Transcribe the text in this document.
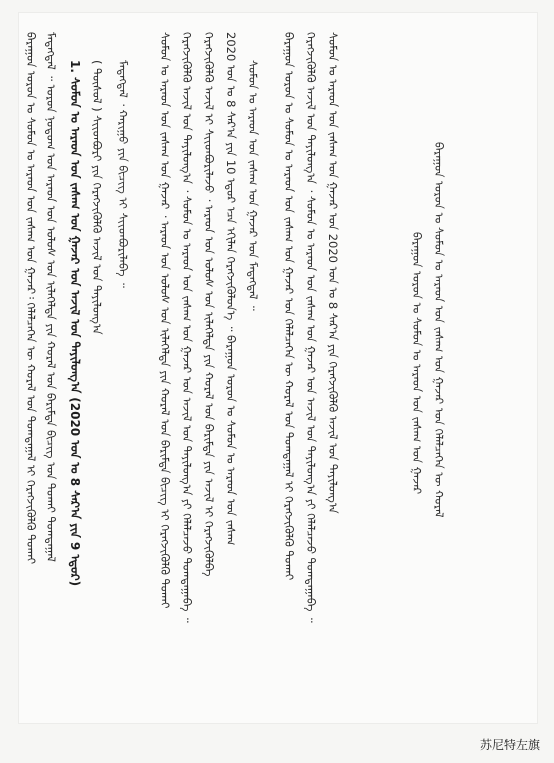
ᠪᠠᠷᠠᠭᠤᠨ ᠤᠷᠤᠨ ᠤ ᠰᠤᠮᠤᠨ ᠤ ᠠᠷᠠᠳ ᠤᠨ ᠵᠠᠰᠠᠭ ᠤᠨ ᠭᠠᠵᠠᠷ᠄ ᠬᠡᠯᠡᠯᠴᠡᠭᠡᠨ ᠦ ᠬᠤᠷᠠᠯ ᠤᠨ ᠲᠣᠭᠲᠠᠭᠠᠯ ᠢ ᠬᠡᠷᠡᠭᠵᠢᠭᠦᠯᠬᠦ ᠲᠤᠬᠠᠢ ᠮᠡᠳᠡᠭᠳᠡᠯ ᠃ ᠣᠷᠣᠨ ᠨᠤᠲᠤᠭ ᠤᠨ ᠠᠷᠠᠳ ᠤᠨ ᠤᠯᠤᠰ ᠤᠨ ᠢᠯᠡᠭᠡᠯᠲᠡ ᠶᠢᠨ ᠬᠤᠷᠠᠯ ᠤᠨ ᠪᠠᠷᠢᠮᠲᠠ ᠪᠢᠴᠢᠭ ᠤᠨ ᠲᠤᠬᠠᠢ ᠲᠣᠭᠲᠠᠭᠠᠯ 1. ᠰᠤᠮᠤᠨ ᠤ ᠠᠷᠠᠳ ᠤᠨ ᠵᠠᠰᠠᠭ ᠤᠨ ᠭᠠᠵᠠᠷ ᠤᠨ ᠠᠵᠢᠯ ᠤᠨ ᠲᠠᠶᠢᠯᠤᠩ᠎ᠠ (2020 ᠣᠨ ᠤ 8 ᠰᠠᠷ᠎ᠠ ᠶᠢᠨ 9 ᠡᠳᠦᠷ) ( ᠲᠥᠰᠥᠯ ) ᠰᠢᠢᠳᠪᠦᠷᠢ ᠶᠢᠨ ᠬᠡᠷᠡᠭᠵᠢᠭᠦᠯᠬᠦ ᠠᠵᠢᠯ ᠤᠨ ᠲᠠᠶᠢᠯᠤᠩ᠎ᠠ ᠮᠡᠳᠡᠭᠳᠡᠯ ᠂ ᠬᠠᠷᠢᠭᠤ ᠶᠢᠨ ᠪᠢᠴᠢᠭ ᠢ ᠰᠢᠢᠳᠪᠦᠷᠢᠯᠡᠪᠡ ᠃ ᠰᠤᠮᠤᠨ ᠤ ᠠᠷᠠᠳ ᠤᠨ ᠵᠠᠰᠠᠭ ᠤᠨ ᠭᠠᠵᠠᠷ ᠂ ᠠᠷᠠᠳ ᠤᠨ ᠤᠯᠤᠰ ᠤᠨ ᠢᠯᠡᠭᠡᠯᠲᠡ ᠶᠢᠨ ᠬᠤᠷᠠᠯ ᠤᠨ ᠪᠠᠷᠢᠮᠲᠠ ᠪᠢᠴᠢᠭ ᠢ ᠬᠡᠷᠡᠭᠵᠢᠭᠦᠯᠬᠦ ᠲᠤᠬᠠᠢ ᠬᠡᠷᠡᠭᠵᠢᠭᠦᠯᠬᠦ ᠠᠵᠢᠯ ᠤᠨ ᠲᠠᠶᠢᠯᠤᠩ᠎ᠠ ᠂ ᠰᠤᠮᠤᠨ ᠤ ᠠᠷᠠᠳ ᠤᠨ ᠵᠠᠰᠠᠭ ᠤᠨ ᠭᠠᠵᠠᠷ ᠤᠨ ᠠᠵᠢᠯ ᠤᠨ ᠲᠠᠶᠢᠯᠤᠩ᠎ᠠ ᠶᠢ ᠬᠡᠯᠡᠯᠴᠡᠵᠦ ᠲᠣᠭᠲᠠᠭᠠᠪᠠ ᠃ ᠬᠡᠷᠡᠭᠵᠢᠭᠦᠯᠬᠦ ᠠᠵᠢᠯ ᠢ ᠰᠢᠢᠳᠪᠦᠷᠢᠯᠡᠵᠦ ᠂ ᠠᠷᠠᠳ ᠤᠨ ᠤᠯᠤᠰ ᠤᠨ ᠢᠯᠡᠭᠡᠯᠲᠡ ᠶᠢᠨ ᠬᠤᠷᠠᠯ ᠤᠨ ᠪᠠᠷᠢᠮᠲᠠ ᠶᠢᠨ ᠠᠵᠢᠯ ᠢ ᠬᠡᠷᠡᠭᠵᠢᠭᠦᠯᠪᠡ 2020 ᠣᠨ ᠤ 8 ᠰᠠᠷ᠎ᠠ ᠶᠢᠨ 10 ᠡᠳᠦᠷ ᠡᠴᠡ ᠡᠬᠢᠯᠡᠨ ᠬᠡᠷᠡᠭᠵᠢᠭᠦᠯᠦᠨ᠎ᠡ ᠃ ᠪᠠᠷᠠᠭᠤᠨ ᠤᠷᠤᠨ ᠤ ᠰᠤᠮᠤᠨ ᠤ ᠠᠷᠠᠳ ᠤᠨ ᠵᠠᠰᠠᠭ ᠰᠤᠮᠤᠨ ᠤ ᠠᠷᠠᠳ ᠤᠨ ᠵᠠᠰᠠᠭ ᠤᠨ ᠭᠠᠵᠠᠷ ᠤᠨ ᠮᠡᠳᠡᠭᠳᠡᠯ ᠃ ᠪᠠᠷᠠᠭᠤᠨ ᠤᠷᠤᠨ ᠤ ᠰᠤᠮᠤᠨ ᠤ ᠠᠷᠠᠳ ᠤᠨ ᠵᠠᠰᠠᠭ ᠤᠨ ᠭᠠᠵᠠᠷ ᠤᠨ ᠬᠡᠯᠡᠯᠴᠡᠭᠡᠨ ᠦ ᠬᠤᠷᠠᠯ ᠤᠨ ᠲᠣᠭᠲᠠᠭᠠᠯ ᠢ ᠬᠡᠷᠡᠭᠵᠢᠭᠦᠯᠬᠦ ᠲᠤᠬᠠᠢ ᠬᠡᠷᠡᠭᠵᠢᠭᠦᠯᠬᠦ ᠠᠵᠢᠯ ᠤᠨ ᠲᠠᠶᠢᠯᠤᠩ᠎ᠠ ᠂ ᠰᠤᠮᠤᠨ ᠤ ᠠᠷᠠᠳ ᠤᠨ ᠵᠠᠰᠠᠭ ᠤᠨ ᠭᠠᠵᠠᠷ ᠤᠨ ᠠᠵᠢᠯ ᠤᠨ ᠲᠠᠶᠢᠯᠤᠩ᠎ᠠ ᠶᠢ ᠬᠡᠯᠡᠯᠴᠡᠵᠦ ᠲᠣᠭᠲᠠᠭᠠᠪᠠ ᠃ ᠰᠤᠮᠤᠨ ᠤ ᠠᠷᠠᠳ ᠤᠨ ᠵᠠᠰᠠᠭ ᠤᠨ ᠭᠠᠵᠠᠷ ᠤᠨ 2020 ᠣᠨ ᠤ 8 ᠰᠠᠷ᠎ᠠ ᠶᠢᠨ ᠬᠡᠷᠡᠭᠵᠢᠭᠦᠯᠬᠦ ᠠᠵᠢᠯ ᠤᠨ ᠲᠠᠶᠢᠯᠤᠩ᠎ᠠ	ᠪᠠᠷᠠᠭᠤᠨ ᠤᠷᠤᠨ ᠤ ᠰᠤᠮᠤᠨ ᠤ ᠠᠷᠠᠳ ᠤᠨ ᠵᠠᠰᠠᠭ ᠤᠨ ᠭᠠᠵᠠᠷ ᠪᠠᠷᠠᠭᠤᠨ ᠤᠷᠤᠨ ᠤ ᠰᠤᠮᠤᠨ ᠤ ᠠᠷᠠᠳ ᠤᠨ ᠵᠠᠰᠠᠭ ᠤᠨ ᠭᠠᠵᠠᠷ ᠤᠨ ᠬᠡᠯᠡᠯᠴᠡᠭᠡᠨ ᠦ ᠬᠤᠷᠠᠯ
苏尼特左旗
